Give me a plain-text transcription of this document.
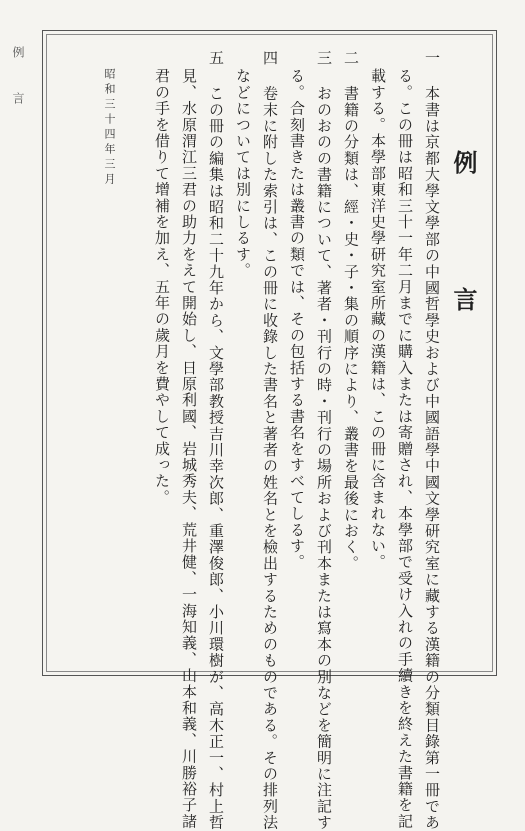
例 言
例 言
一 本書は京都大學文學部の中國哲學史および中國語學中國文學研究室に藏する漢籍の分類目錄第一冊であ
る。この冊は昭和三十一年二月までに購入または寄贈され、本學部で受け入れの手續きを終えた書籍を記
載する。本學部東洋史學研究室所藏の漢籍は、この冊に含まれない。
二 書籍の分類は、經・史・子・集の順序により、叢書を最後におく。
三 おのおのの書籍について、著者・刊行の時・刊行の場所および刊本または寫本の別などを簡明に注記す
る。合刻書きたは叢書の類では、その包括する書名をすべてしるす。
四 卷末に附した索引は、この冊に收錄した書名と著者の姓名とを檢出するためのものである。その排列法
などについては別にしるす。
五 この冊の編集は昭和二十九年から、文學部教授吉川幸次郎、重澤俊郎、小川環樹が、高木正一、村上哲
見、水原渭江三君の助力をえて開始し、日原利國、岩城秀夫、荒井健、一海知義、山本和義、川勝裕子諸
君の手を借りて增補を加え、五年の歲月を費やして成った。
昭和三十四年三月
